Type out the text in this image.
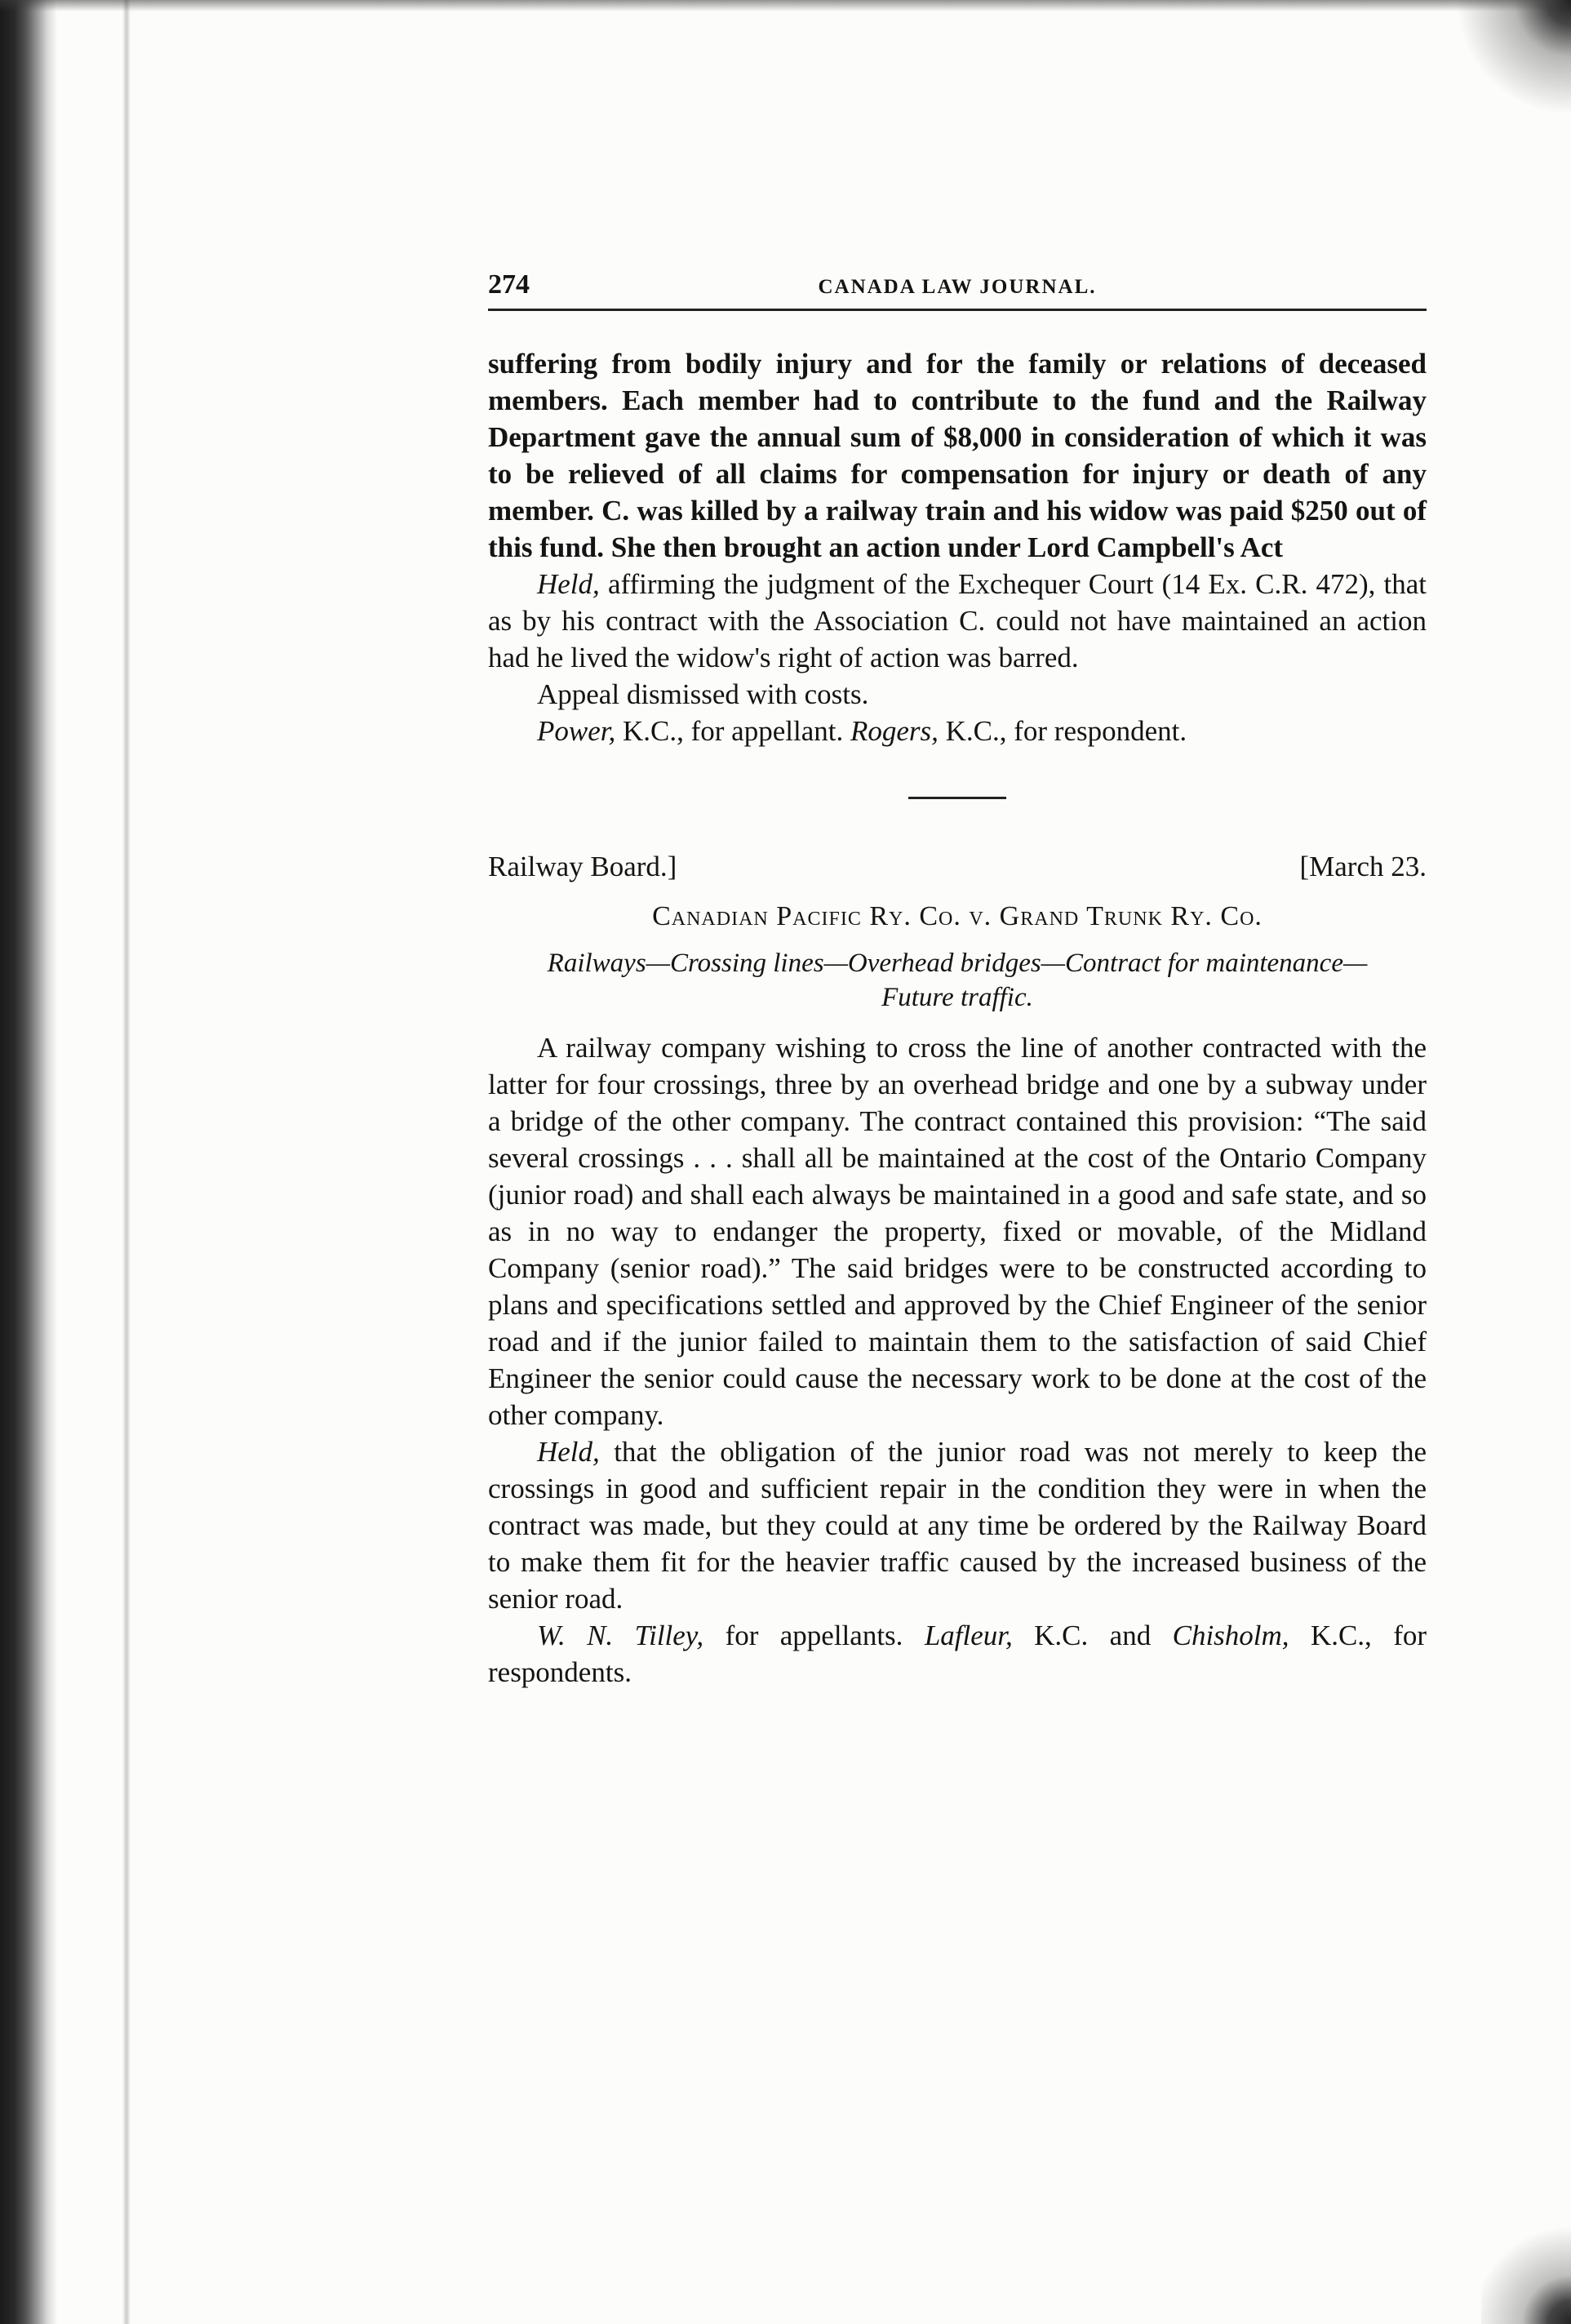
274	CANADA LAW JOURNAL.

suffering from bodily injury and for the family or relations of deceased members. Each member had to contribute to the fund and the Railway Department gave the annual sum of $8,000 in consideration of which it was to be relieved of all claims for compensation for injury or death of any member. C. was killed by a railway train and his widow was paid $250 out of this fund. She then brought an action under Lord Campbell's Act

Held, affirming the judgment of the Exchequer Court (14 Ex. C.R. 472), that as by his contract with the Association C. could not have maintained an action had he lived the widow's right of action was barred.

Appeal dismissed with costs.

Power, K.C., for appellant. Rogers, K.C., for respondent.

Railway Board.]	[March 23.
Canadian Pacific Ry. Co. v. Grand Trunk Ry. Co.
Railways—Crossing lines—Overhead bridges—Contract for maintenance—Future traffic.

A railway company wishing to cross the line of another contracted with the latter for four crossings, three by an overhead bridge and one by a subway under a bridge of the other company. The contract contained this provision: “The said several crossings . . . shall all be maintained at the cost of the Ontario Company (junior road) and shall each always be maintained in a good and safe state, and so as in no way to endanger the property, fixed or movable, of the Midland Company (senior road).” The said bridges were to be constructed according to plans and specifications settled and approved by the Chief Engineer of the senior road and if the junior failed to maintain them to the satisfaction of said Chief Engineer the senior could cause the necessary work to be done at the cost of the other company.

Held, that the obligation of the junior road was not merely to keep the crossings in good and sufficient repair in the condition they were in when the contract was made, but they could at any time be ordered by the Railway Board to make them fit for the heavier traffic caused by the increased business of the senior road.

W. N. Tilley, for appellants. Lafleur, K.C. and Chisholm, K.C., for respondents.
